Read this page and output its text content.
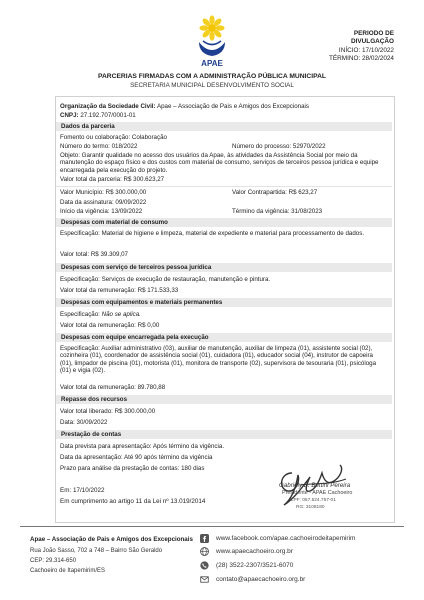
APAE
PERIODO DE DIVULGAÇÃO
INÍCIO: 17/10/2022
TÉRMINO: 28/02/2024
PARCERIAS FIRMADAS COM A ADMINISTRAÇÃO PÚBLICA MUNICIPAL
SECRETARIA MUNICIPAL DESENVOLVIMENTO SOCIAL
Organização da Sociedade Civil: Apae – Associação de Pais e Amigos dos Excepcionais
CNPJ: 27.192.707/0001-01
Dados da parceria
Fomento ou colaboração: Colaboração
Número do termo: 018/2022	Número do processo: 52970/2022
Objeto: Garantir qualidade no acesso dos usuários da Apae, às atividades da Assistência Social por meio da manutenção do espaço físico e dos custos com material de consumo, serviços de terceiros pessoa jurídica e equipe encarregada pela execução do projeto.
Valor total da parceria: R$ 300.623,27
Valor Município: R$ 300.000,00	Valor Contrapartida: R$ 623,27
Data da assinatura: 09/09/2022
Início da vigência: 13/09/2022	Término da vigência: 31/08/2023
Despesas com material de consumo
Especificação: Material de higiene e limpeza, material de expediente e material para processamento de dados.
Valor total: R$ 39.309,07
Despesas com serviço de terceiros pessoa jurídica
Especificação: Serviços de execução de restauração, manutenção e pintura.
Valor total da remuneração: R$ 171.533,33
Despesas com equipamentos e materiais permanentes
Especificação: Não se aplica.
Valor total da remuneração: R$ 0,00
Despesas com equipe encarregada pela execução
Especificação: Auxiliar administrativo (03), auxiliar de manutenção, auxiliar de limpeza (01), assistente social (02), cozinheira (01), coordenador de assistência social (01), cuidadora (01), educador social (04), instrutor de capoeira (01), limpador de piscina (01), motorista (01), monitora de transporte (02), supervisora de tesouraria (01), psicóloga (01) e vigia (02).
Valor total da remuneração: 89.780,88
Repasse dos recursos
Valor total liberado: R$ 300.000,00
Data: 30/09/2022
Prestação de contas
Data prevista para apresentação: Após término da vigência.
Data da apresentação: Até 90 após término da vigência
Prazo para análise da prestação de contas: 180 dias
Em: 17/10/2022
Em cumprimento ao artigo 11 da Lei nº 13.019/2014
Gabriely B. Bettini Pereira
Presidente - APAE Cachoeiro
CPF: 057.524.757-01
RG: 3108180
Apae – Associação de Pais e Amigos dos Excepcionais
Rua João Sasso, 702 a 748 – Bairro São Geraldo
CEP: 29.314-650
Cachoeiro de Itapemirim/ES
www.facebook.com/apae.cachoeirodeitapemirim
www.apaecachoeiro.org.br
(28) 3522-2307/3521-6070
contato@apaecachoeiro.org.br
